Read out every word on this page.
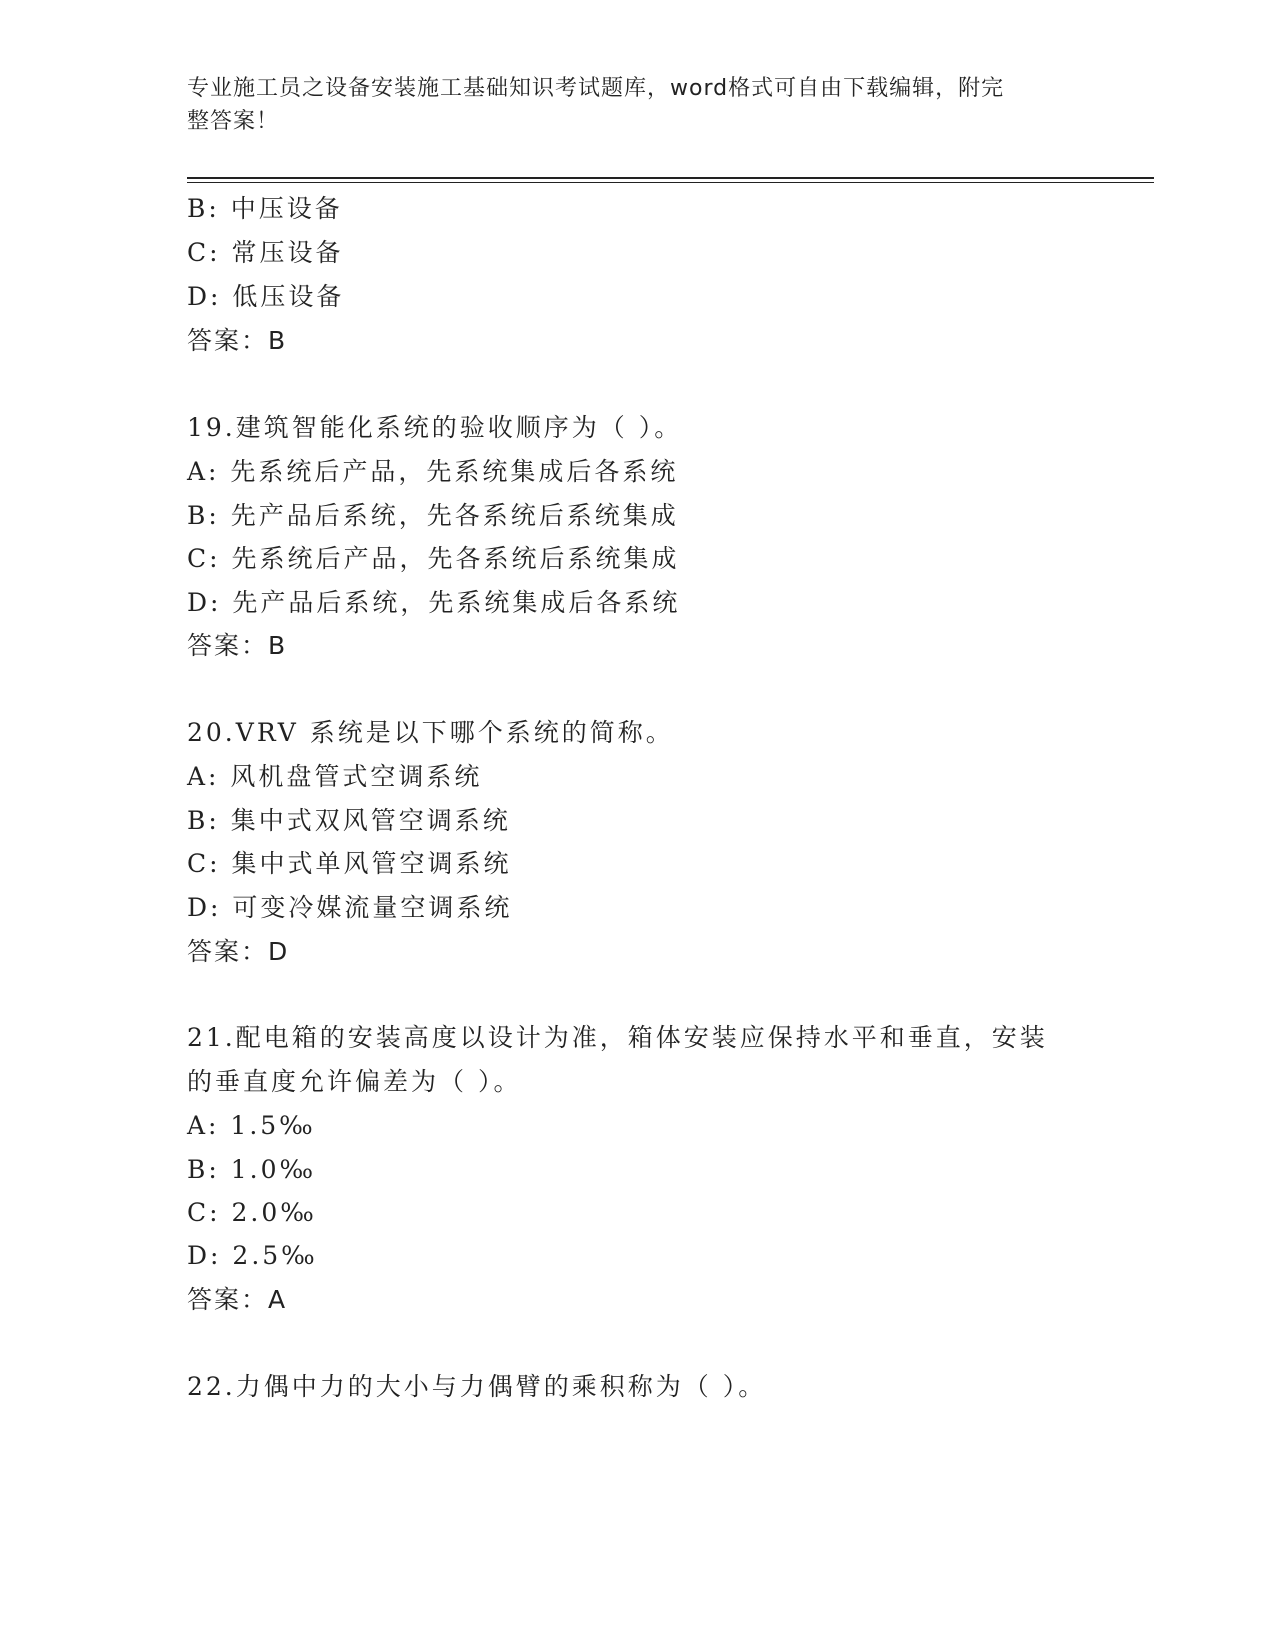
专业施工员之设备安装施工基础知识考试题库，word格式可自由下载编辑，附完
整答案！
B: 中压设备
C: 常压设备
D: 低压设备
答案：B
19.建筑智能化系统的验收顺序为（ ）。
A: 先系统后产品，先系统集成后各系统
B: 先产品后系统，先各系统后系统集成
C: 先系统后产品，先各系统后系统集成
D: 先产品后系统，先系统集成后各系统
答案：B
20.VRV 系统是以下哪个系统的简称。
A: 风机盘管式空调系统
B: 集中式双风管空调系统
C: 集中式单风管空调系统
D: 可变冷媒流量空调系统
答案：D
21.配电箱的安装高度以设计为准，箱体安装应保持水平和垂直，安装
的垂直度允许偏差为（ ）。
A: 1.5‰
B: 1.0‰
C: 2.0‰
D: 2.5‰
答案：A
22.力偶中力的大小与力偶臂的乘积称为（ ）。
